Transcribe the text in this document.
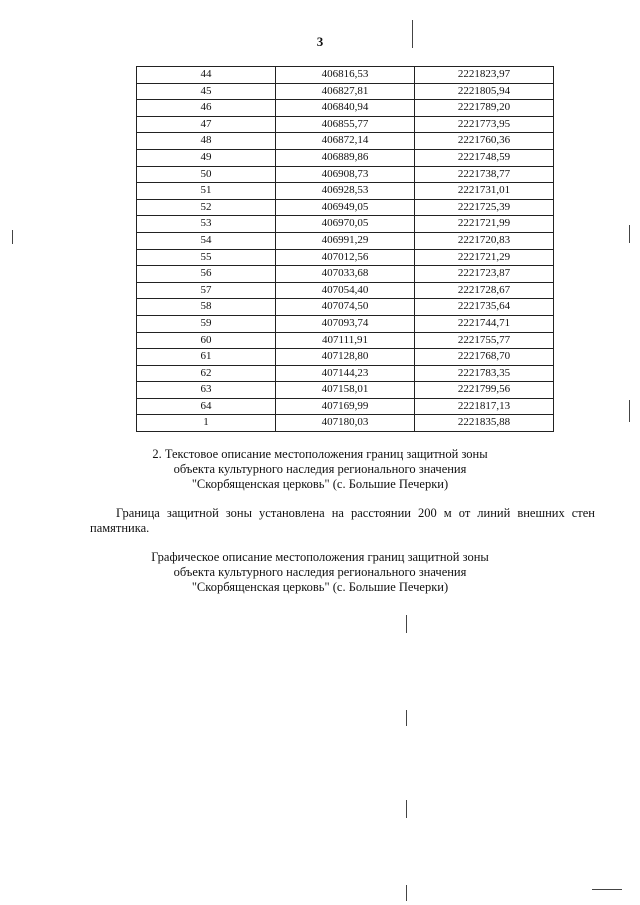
3
44	406816,53	2221823,97
45	406827,81	2221805,94
46	406840,94	2221789,20
47	406855,77	2221773,95
48	406872,14	2221760,36
49	406889,86	2221748,59
50	406908,73	2221738,77
51	406928,53	2221731,01
52	406949,05	2221725,39
53	406970,05	2221721,99
54	406991,29	2221720,83
55	407012,56	2221721,29
56	407033,68	2221723,87
57	407054,40	2221728,67
58	407074,50	2221735,64
59	407093,74	2221744,71
60	407111,91	2221755,77
61	407128,80	2221768,70
62	407144,23	2221783,35
63	407158,01	2221799,56
64	407169,99	2221817,13
1	407180,03	2221835,88
2. Текстовое описание местоположения границ защитной зоны
объекта культурного наследия регионального значения
"Скорбященская церковь" (с. Большие Печерки)
Граница защитной зоны установлена на расстоянии 200 м от линий внешних стен памятника.
Графическое описание местоположения границ защитной зоны
объекта культурного наследия регионального значения
"Скорбященская церковь" (с. Большие Печерки)
